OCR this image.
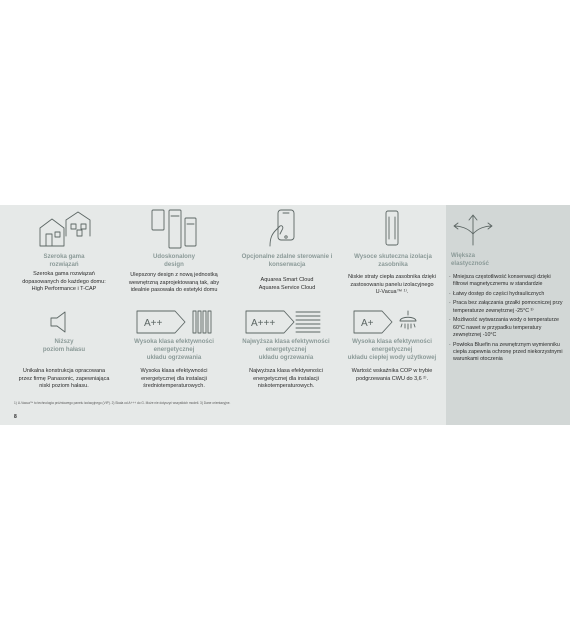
Szeroka gama
rozwiązań
Szeroka gama rozwiązań
dopasowanych do każdego domu:
High Performance i T-CAP
Udoskonalony
design
Ulepszony design z nową jednostką
wewnętrzną zaprojektowaną tak, aby
idealnie pasowała do estetyki domu
Opcjonalne zdalne sterowanie i
konserwacja
Aquarea Smart Cloud
Aquarea Service Cloud
Wysoce skuteczna izolacja
zasobnika
Niskie straty ciepła zasobnika dzięki
zastosowaniu panelu izolacyjnego
U-Vacua™ ¹⁾.
A++	A+++	A+
Niższy
poziom hałasu
Unikalna konstrukcja opracowana
przez firmę Panasonic, zapewniająca
niski poziom hałasu.
Wysoka klasa efektywności
energetycznej
układu ogrzewania
Wysoka klasa efektywności
energetycznej dla instalacji
średniotemperaturowych.
Najwyższa klasa efektywności
energetycznej
układu ogrzewania
Najwyższa klasa efektywności
energetycznej dla instalacji
niskotemperaturowych.
Wysoka klasa efektywności
energetycznej
układu ciepłej wody użytkowej
Wartość wskaźnika COP w trybie
podgrzewania CWU do 3,6 ²⁾.
Większa
elastyczność
· Mniejsza częstotliwość konserwacji dzięki filtrowi magnetycznemu w standardzie
· Łatwy dostęp do części hydraulicznych
· Praca bez załączania grzałki pomocniczej przy temperaturze zewnętrznej -25°C ³⁾
· Możliwość wytwarzania wody o temperaturze 60°C nawet w przypadku temperatury zewnętrznej -10°C
· Powłoka Bluefin na zewnętrznym wymienniku ciepła zapewnia ochronę przed niekorzystnymi warunkami otoczenia
1) U-Vacua™ to technologia próżniowego panelu izolacyjnego (VIP). 2) Skala od A+++ do G. Może nie dotyczyć wszystkich modeli. 3) Dane orientacyjne.
8
